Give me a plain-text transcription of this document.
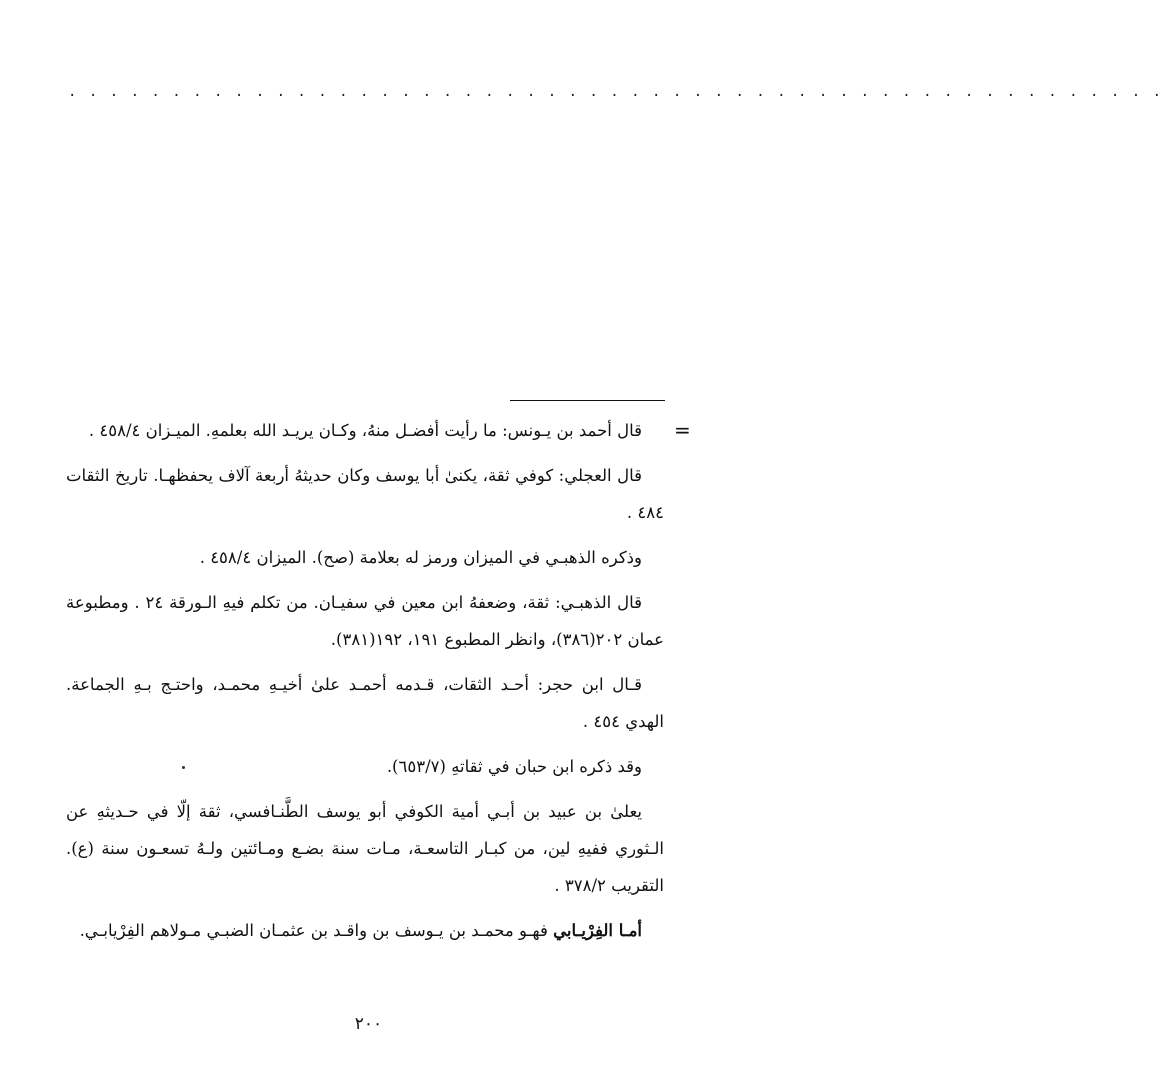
. . . . . . . . . . . . . . . . . . . . . . . . . . . . . . . . . . . . . . . . . . . . . . . . . . . . .
=

قال أحمد بن يـونس: ما رأيت أفضـل منهُ، وكـان يريـد الله بعلمهِ. الميـزان ٤٥٨/٤ .

قال العجلي: كوفي ثقة، يكنىٰ أبا يوسف وكان حديثهُ أربعة آلاف يحفظهـا. تاريخ الثقات ٤٨٤ .

وذكره الذهبـي في الميزان ورمز له بعلامة (صح). الميزان ٤٥٨/٤ .

قال الذهبـي: ثقة، وضعفهُ ابن معين في سفيـان. من تكلم فيهِ الـورقة ٢٤ . ومطبوعة عمان ٢٠٢(٣٨٦)، وانظر المطبوع ١٩١، ١٩٢(٣٨١).

قـال ابن حجر: أحـد الثقات، قـدمه أحمـد علىٰ أخيـهِ محمـد، واحتـج بـهِ الجماعة. الهدي ٤٥٤ .

وقد ذكره ابن حبان في ثقاتهِ (٦٥٣/٧).

يعلىٰ بن عبيد بن أبـي أمية الكوفي أبو يوسف الطَّنـافسي، ثقة إلّا في حـديثهِ عن الـثوري ففيهِ لين، من كبـار التاسعـة، مـات سنة بضـع ومـائتين ولـهُ تسعـون سنة (ع). التقريب ٣٧٨/٢ .

أمـا الفِرْيـابي فهـو محمـد بن يـوسف بن واقـد بن عثمـان الضبـي مـولاهم الفِرْيابـي.

٢٠٠
